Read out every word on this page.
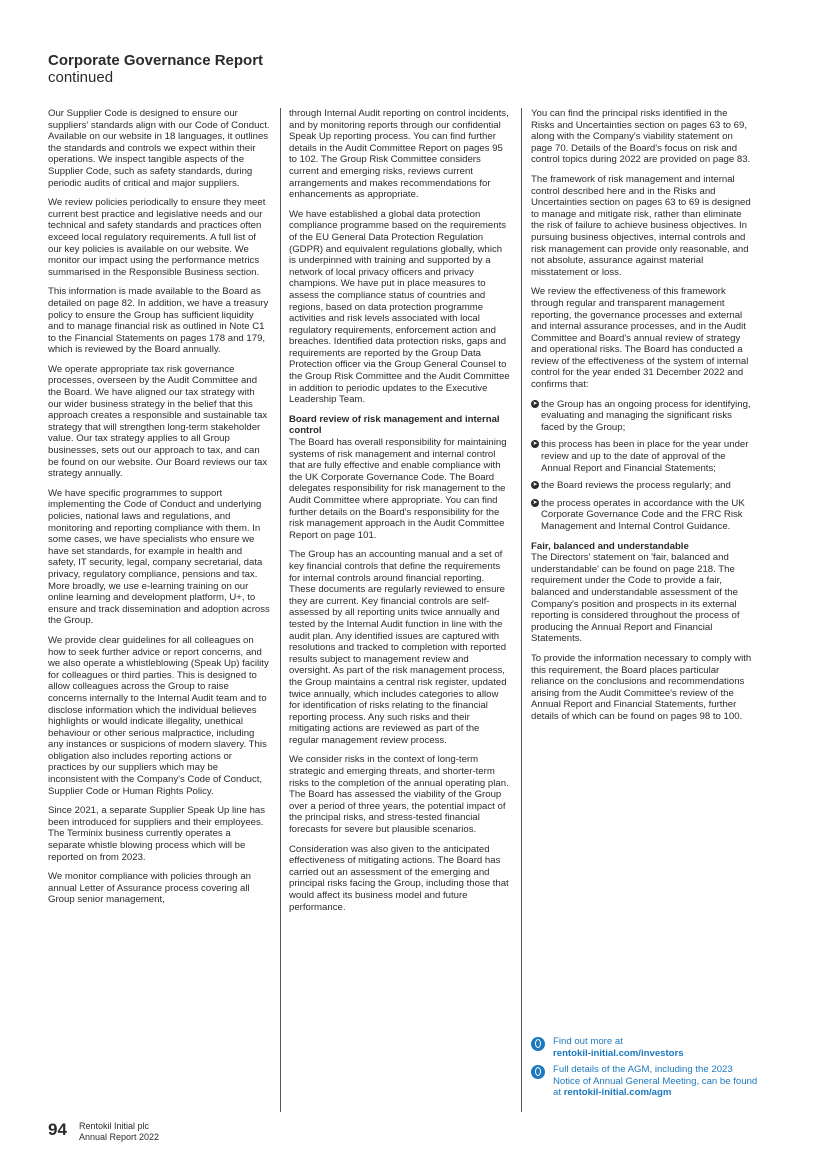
Corporate Governance Report
continued

Our Supplier Code is designed to ensure our suppliers' standards align with our Code of Conduct. Available on our website in 18 languages, it outlines the standards and controls we expect within their operations. We inspect tangible aspects of the Supplier Code, such as safety standards, during periodic audits of critical and major suppliers.

We review policies periodically to ensure they meet current best practice and legislative needs and our technical and safety standards and practices often exceed local regulatory requirements. A full list of our key policies is available on our website. We monitor our impact using the performance metrics summarised in the Responsible Business section.

This information is made available to the Board as detailed on page 82. In addition, we have a treasury policy to ensure the Group has sufficient liquidity and to manage financial risk as outlined in Note C1 to the Financial Statements on pages 178 and 179, which is reviewed by the Board annually.

We operate appropriate tax risk governance processes, overseen by the Audit Committee and the Board. We have aligned our tax strategy with our wider business strategy in the belief that this approach creates a responsible and sustainable tax strategy that will strengthen long-term stakeholder value. Our tax strategy applies to all Group businesses, sets out our approach to tax, and can be found on our website. Our Board reviews our tax strategy annually.

We have specific programmes to support implementing the Code of Conduct and underlying policies, national laws and regulations, and monitoring and reporting compliance with them. In some cases, we have specialists who ensure we have set standards, for example in health and safety, IT security, legal, company secretarial, data privacy, regulatory compliance, pensions and tax. More broadly, we use e-learning training on our online learning and development platform, U+, to ensure and track dissemination and adoption across the Group.

We provide clear guidelines for all colleagues on how to seek further advice or report concerns, and we also operate a whistleblowing (Speak Up) facility for colleagues or third parties. This is designed to allow colleagues across the Group to raise concerns internally to the Internal Audit team and to disclose information which the individual believes highlights or would indicate illegality, unethical behaviour or other serious malpractice, including any instances or suspicions of modern slavery. This obligation also includes reporting actions or practices by our suppliers which may be inconsistent with the Company's Code of Conduct, Supplier Code or Human Rights Policy.

Since 2021, a separate Supplier Speak Up line has been introduced for suppliers and their employees. The Terminix business currently operates a separate whistle blowing process which will be reported on from 2023.

We monitor compliance with policies through an annual Letter of Assurance process covering all Group senior management,

through Internal Audit reporting on control incidents, and by monitoring reports through our confidential Speak Up reporting process. You can find further details in the Audit Committee Report on pages 95 to 102. The Group Risk Committee considers current and emerging risks, reviews current arrangements and makes recommendations for enhancements as appropriate.

We have established a global data protection compliance programme based on the requirements of the EU General Data Protection Regulation (GDPR) and equivalent regulations globally, which is underpinned with training and supported by a network of local privacy officers and privacy champions. We have put in place measures to assess the compliance status of countries and regions, based on data protection programme activities and risk levels associated with local regulatory requirements, enforcement action and breaches. Identified data protection risks, gaps and requirements are reported by the Group Data Protection officer via the Group General Counsel to the Group Risk Committee and the Audit Committee in addition to periodic updates to the Executive Leadership Team.

Board review of risk management and internal control

The Board has overall responsibility for maintaining systems of risk management and internal control that are fully effective and enable compliance with the UK Corporate Governance Code. The Board delegates responsibility for risk management to the Audit Committee where appropriate. You can find further details on the Board's responsibility for the risk management approach in the Audit Committee Report on page 101.

The Group has an accounting manual and a set of key financial controls that define the requirements for internal controls around financial reporting. These documents are regularly reviewed to ensure they are current. Key financial controls are self-assessed by all reporting units twice annually and tested by the Internal Audit function in line with the audit plan. Any identified issues are captured with resolutions and tracked to completion with reported results subject to management review and oversight. As part of the risk management process, the Group maintains a central risk register, updated twice annually, which includes categories to allow for identification of risks relating to the financial reporting process. Any such risks and their mitigating actions are reviewed as part of the regular management review process.

We consider risks in the context of long-term strategic and emerging threats, and shorter-term risks to the completion of the annual operating plan. The Board has assessed the viability of the Group over a period of three years, the potential impact of the principal risks, and stress-tested financial forecasts for severe but plausible scenarios.

Consideration was also given to the anticipated effectiveness of mitigating actions. The Board has carried out an assessment of the emerging and principal risks facing the Group, including those that would affect its business model and future performance.

You can find the principal risks identified in the Risks and Uncertainties section on pages 63 to 69, along with the Company's viability statement on page 70. Details of the Board's focus on risk and control topics during 2022 are provided on page 83.

The framework of risk management and internal control described here and in the Risks and Uncertainties section on pages 63 to 69 is designed to manage and mitigate risk, rather than eliminate the risk of failure to achieve business objectives. In pursuing business objectives, internal controls and risk management can provide only reasonable, and not absolute, assurance against material misstatement or loss.

We review the effectiveness of this framework through regular and transparent management reporting, the governance processes and external and internal assurance processes, and in the Audit Committee and Board's annual review of strategy and operational risks. The Board has conducted a review of the effectiveness of the system of internal control for the year ended 31 December 2022 and confirms that:

➤ the Group has an ongoing process for identifying, evaluating and managing the significant risks faced by the Group;
➤ this process has been in place for the year under review and up to the date of approval of the Annual Report and Financial Statements;
➤ the Board reviews the process regularly; and
➤ the process operates in accordance with the UK Corporate Governance Code and the FRC Risk Management and Internal Control Guidance.
Fair, balanced and understandable

The Directors' statement on 'fair, balanced and understandable' can be found on page 218. The requirement under the Code to provide a fair, balanced and understandable assessment of the Company's position and prospects in its external reporting is considered throughout the process of producing the Annual Report and Financial Statements.

To provide the information necessary to comply with this requirement, the Board places particular reliance on the conclusions and recommendations arising from the Audit Committee's review of the Annual Report and Financial Statements, further details of which can be found on pages 98 to 100.

Find out more at
rentokil-initial.com/investors
Full details of the AGM, including the 2023 Notice of Annual General Meeting, can be found at rentokil-initial.com/agm
94 Rentokil Initial plc
Annual Report 2022
